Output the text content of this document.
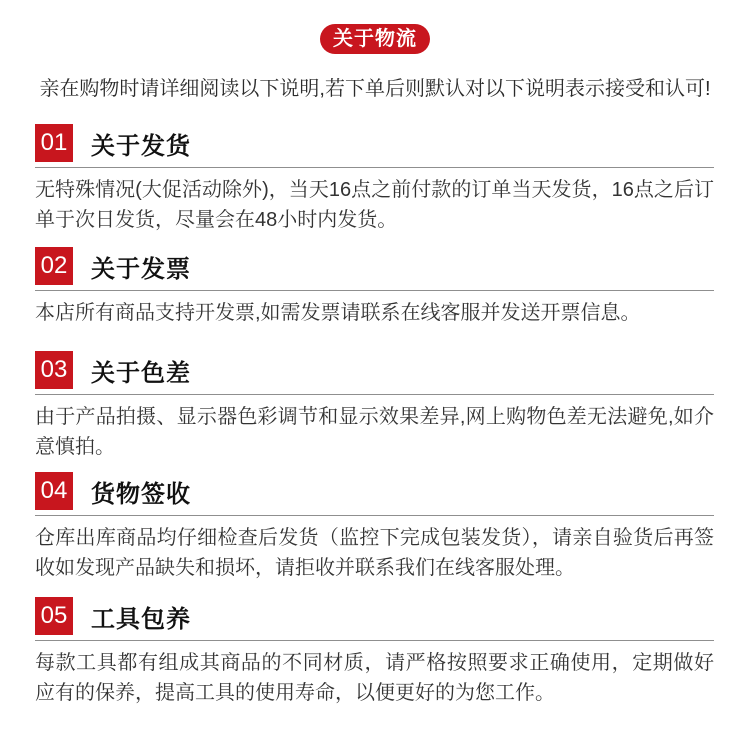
关于物流
亲在购物时请详细阅读以下说明,若下单后则默认对以下说明表示接受和认可!
01 关于发货
无特殊情况(大促活动除外)，当天16点之前付款的订单当天发货，16点之后订单于次日发货，尽量会在48小时内发货。
02 关于发票
本店所有商品支持开发票,如需发票请联系在线客服并发送开票信息。
03 关于色差
由于产品拍摄、显示器色彩调节和显示效果差异,网上购物色差无法避免,如介意慎拍。
04 货物签收
仓库出库商品均仔细检查后发货（监控下完成包装发货），请亲自验货后再签收如发现产品缺失和损坏，请拒收并联系我们在线客服处理。
05 工具包养
每款工具都有组成其商品的不同材质，请严格按照要求正确使用，定期做好应有的保养，提高工具的使用寿命，以便更好的为您工作。
